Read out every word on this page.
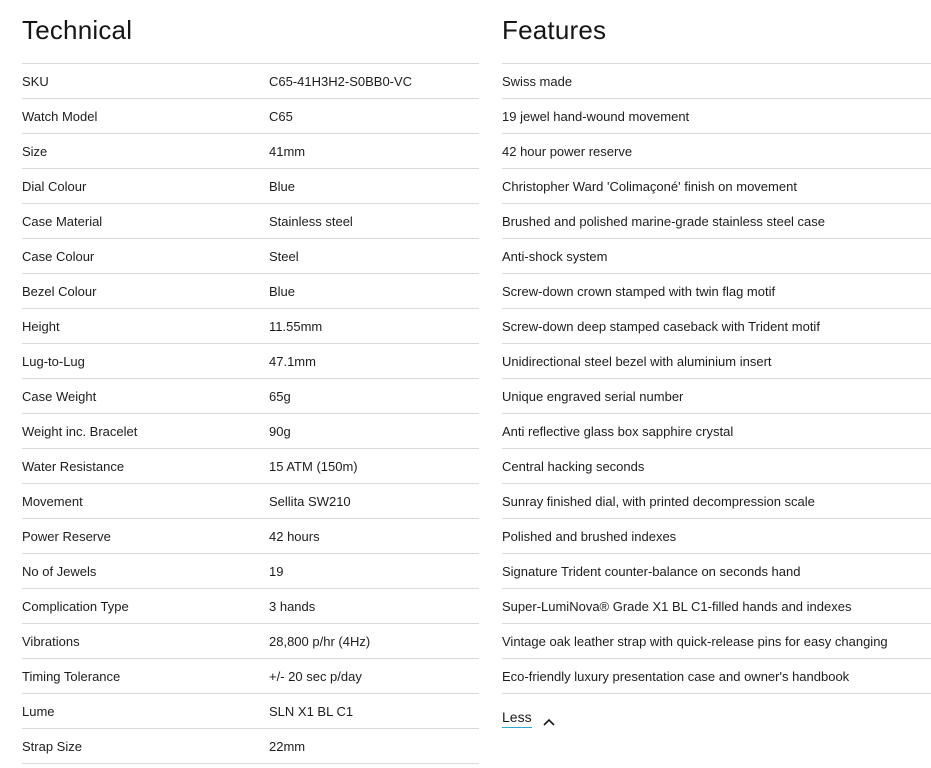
Technical
SKU	C65-41H3H2-S0BB0-VC
Watch Model	C65
Size	41mm
Dial Colour	Blue
Case Material	Stainless steel
Case Colour	Steel
Bezel Colour	Blue
Height	11.55mm
Lug-to-Lug	47.1mm
Case Weight	65g
Weight inc. Bracelet	90g
Water Resistance	15 ATM (150m)
Movement	Sellita SW210
Power Reserve	42 hours
No of Jewels	19
Complication Type	3 hands
Vibrations	28,800 p/hr (4Hz)
Timing Tolerance	+/- 20 sec p/day
Lume	SLN X1 BL C1
Strap Size	22mm
Features
Swiss made
19 jewel hand-wound movement
42 hour power reserve
Christopher Ward 'Colimaçoné' finish on movement
Brushed and polished marine-grade stainless steel case
Anti-shock system
Screw-down crown stamped with twin flag motif
Screw-down deep stamped caseback with Trident motif
Unidirectional steel bezel with aluminium insert
Unique engraved serial number
Anti reflective glass box sapphire crystal
Central hacking seconds
Sunray finished dial, with printed decompression scale
Polished and brushed indexes
Signature Trident counter-balance on seconds hand
Super-LumiNova® Grade X1 BL C1-filled hands and indexes
Vintage oak leather strap with quick-release pins for easy changing
Eco-friendly luxury presentation case and owner's handbook
Less
